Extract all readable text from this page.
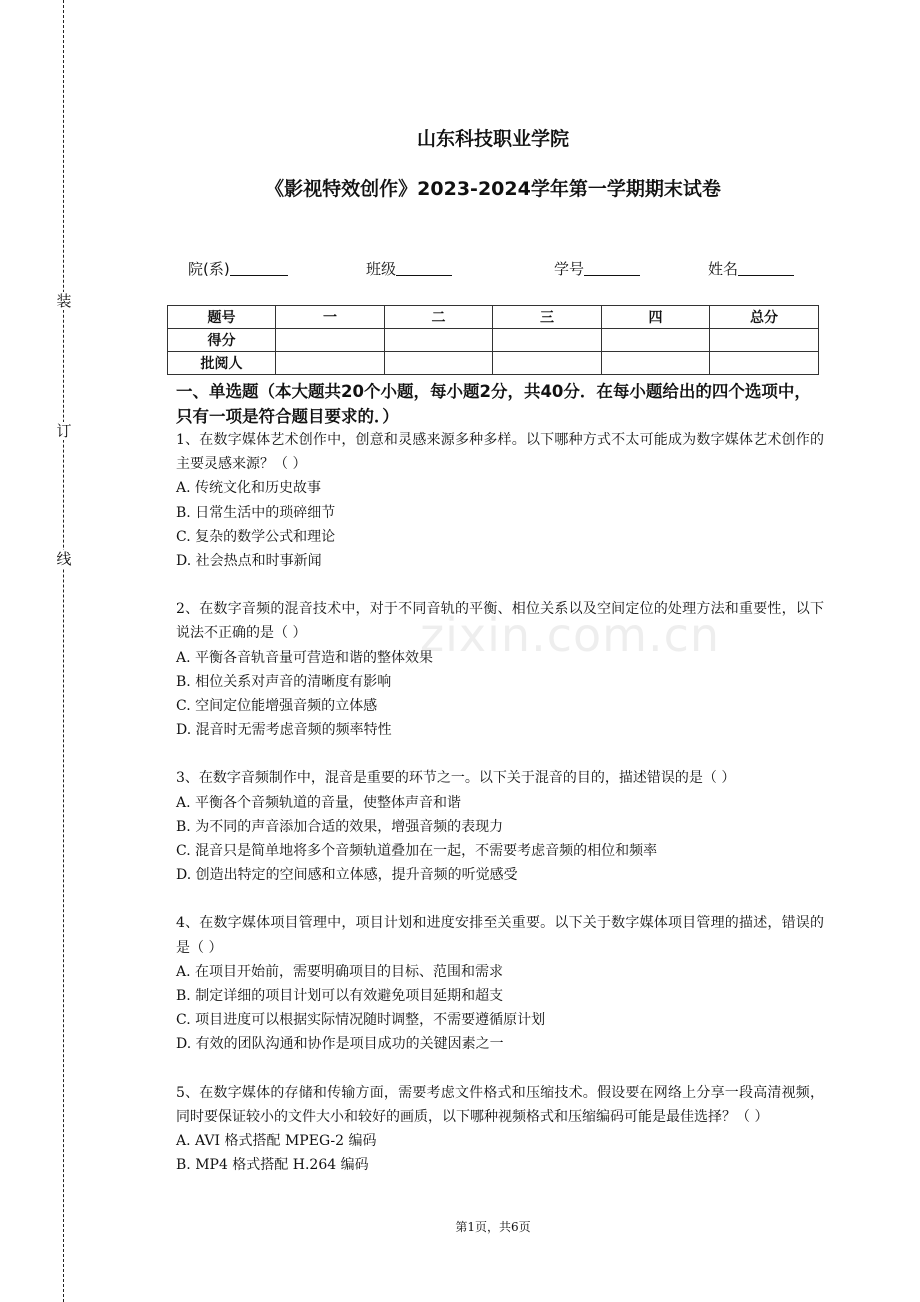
装
订
线
zixin.com.cn
山东科技职业学院
《影视特效创作》2023-2024学年第一学期期末试卷
院(系)	班级	学号	姓名
题号	一	二	三	四	总分
得分					
批阅人					
一、单选题（本大题共20个小题，每小题2分，共40分．在每小题给出的四个选项中，只有一项是符合题目要求的．）

1、在数字媒体艺术创作中，创意和灵感来源多种多样。以下哪种方式不太可能成为数字媒体艺术创作的主要灵感来源？（ ）

A. 传统文化和历史故事

B. 日常生活中的琐碎细节

C. 复杂的数学公式和理论

D. 社会热点和时事新闻

2、在数字音频的混音技术中，对于不同音轨的平衡、相位关系以及空间定位的处理方法和重要性，以下说法不正确的是（ ）

A. 平衡各音轨音量可营造和谐的整体效果

B. 相位关系对声音的清晰度有影响

C. 空间定位能增强音频的立体感

D. 混音时无需考虑音频的频率特性

3、在数字音频制作中，混音是重要的环节之一。以下关于混音的目的，描述错误的是（ ）

A. 平衡各个音频轨道的音量，使整体声音和谐

B. 为不同的声音添加合适的效果，增强音频的表现力

C. 混音只是简单地将多个音频轨道叠加在一起，不需要考虑音频的相位和频率

D. 创造出特定的空间感和立体感，提升音频的听觉感受

4、在数字媒体项目管理中，项目计划和进度安排至关重要。以下关于数字媒体项目管理的描述，错误的是（ ）

A. 在项目开始前，需要明确项目的目标、范围和需求

B. 制定详细的项目计划可以有效避免项目延期和超支

C. 项目进度可以根据实际情况随时调整，不需要遵循原计划

D. 有效的团队沟通和协作是项目成功的关键因素之一

5、在数字媒体的存储和传输方面，需要考虑文件格式和压缩技术。假设要在网络上分享一段高清视频，同时要保证较小的文件大小和较好的画质，以下哪种视频格式和压缩编码可能是最佳选择？（ ）

A. AVI 格式搭配 MPEG-2 编码

B. MP4 格式搭配 H.264 编码

第1页，共6页
